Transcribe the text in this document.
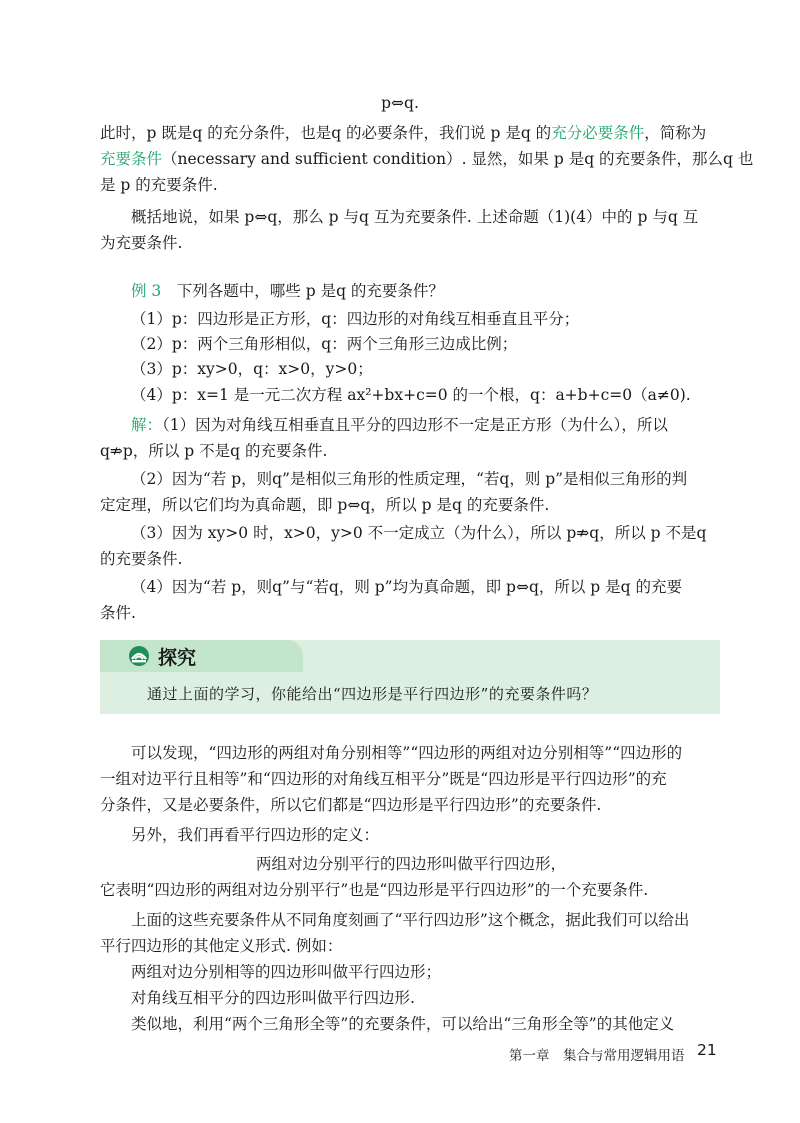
p⇔q.
此时，p 既是q 的充分条件，也是q 的必要条件，我们说 p 是q 的充分必要条件，简称为
充要条件（necessary and sufficient condition）. 显然，如果 p 是q 的充要条件，那么q 也
是 p 的充要条件.
概括地说，如果 p⇔q，那么 p 与q 互为充要条件. 上述命题（1)(4）中的 p 与q 互
为充要条件.
例 3　下列各题中，哪些 p 是q 的充要条件？
（1）p：四边形是正方形，q：四边形的对角线互相垂直且平分；
（2）p：两个三角形相似，q：两个三角形三边成比例；
（3）p：xy>0，q：x>0，y>0；
（4）p：x=1 是一元二次方程 ax²+bx+c=0 的一个根，q：a+b+c=0（a≠0).
解：（1）因为对角线互相垂直且平分的四边形不一定是正方形（为什么），所以
q⇏p，所以 p 不是q 的充要条件.
（2）因为“若 p，则q”是相似三角形的性质定理，“若q，则 p”是相似三角形的判
定定理，所以它们均为真命题，即 p⇔q，所以 p 是q 的充要条件.
（3）因为 xy>0 时，x>0，y>0 不一定成立（为什么），所以 p⇏q，所以 p 不是q
的充要条件.
（4）因为“若 p，则q”与“若q，则 p”均为真命题，即 p⇔q，所以 p 是q 的充要
条件.
可以发现，“四边形的两组对角分别相等”“四边形的两组对边分别相等”“四边形的
一组对边平行且相等”和“四边形的对角线互相平分”既是“四边形是平行四边形”的充
分条件，又是必要条件，所以它们都是“四边形是平行四边形”的充要条件.
另外，我们再看平行四边形的定义：
两组对边分别平行的四边形叫做平行四边形，
它表明“四边形的两组对边分别平行”也是“四边形是平行四边形”的一个充要条件.
上面的这些充要条件从不同角度刻画了“平行四边形”这个概念，据此我们可以给出
平行四边形的其他定义形式. 例如：
两组对边分别相等的四边形叫做平行四边形；
对角线互相平分的四边形叫做平行四边形.
类似地，利用“两个三角形全等”的充要条件，可以给出“三角形全等”的其他定义
探究
通过上面的学习，你能给出“四边形是平行四边形”的充要条件吗？
第一章　集合与常用逻辑用语 21
